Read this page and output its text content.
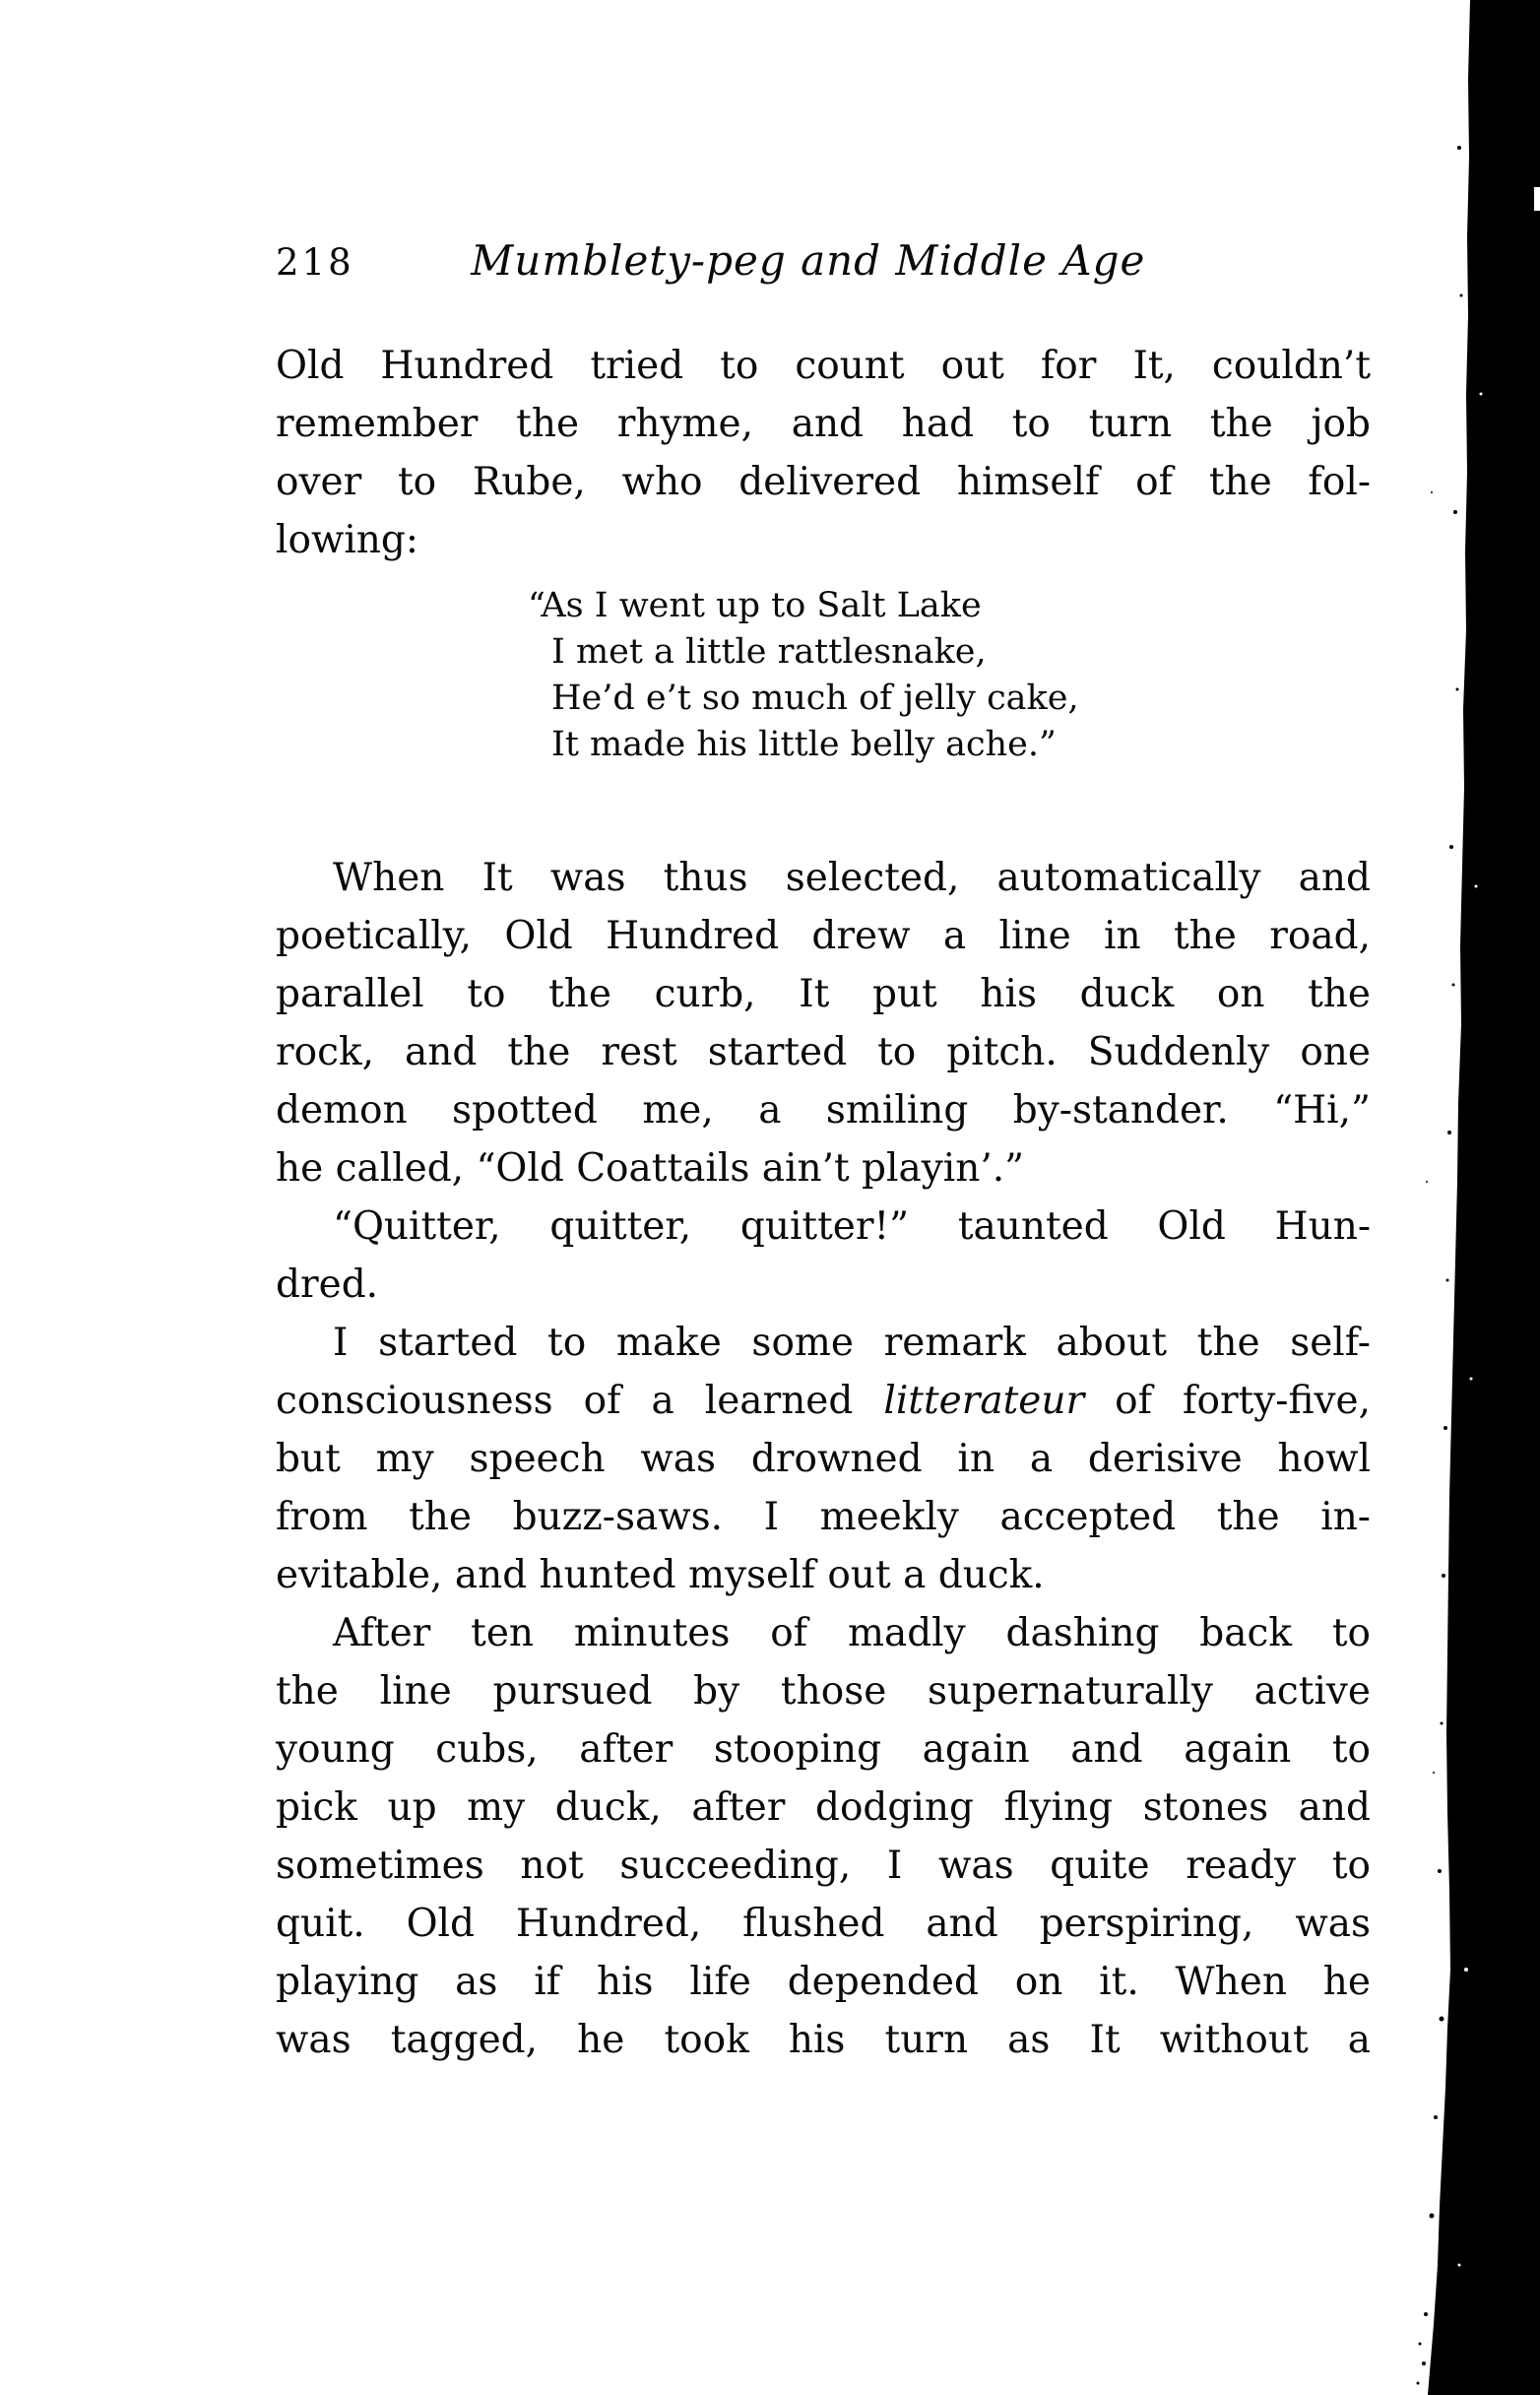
218	Mumblety-peg and Middle Age
Old Hundred tried to count out for It, couldn’t
remember the rhyme, and had to turn the job
over to Rube, who delivered himself of the fol-
lowing:
“As I went up to Salt Lake
I met a little rattlesnake,
He’d e’t so much of jelly cake,
It made his little belly ache.”
When It was thus selected, automatically and
poetically, Old Hundred drew a line in the road,
parallel to the curb, It put his duck on the
rock, and the rest started to pitch. Suddenly one
demon spotted me, a smiling by-stander. “Hi,”
he called, “Old Coattails ain’t playin’.”
“Quitter, quitter, quitter!” taunted Old Hun-
dred.
I started to make some remark about the self-
consciousness of a learned litterateur of forty-five,
but my speech was drowned in a derisive howl
from the buzz-saws. I meekly accepted the in-
evitable, and hunted myself out a duck.
After ten minutes of madly dashing back to
the line pursued by those supernaturally active
young cubs, after stooping again and again to
pick up my duck, after dodging flying stones and
sometimes not succeeding, I was quite ready to
quit. Old Hundred, flushed and perspiring, was
playing as if his life depended on it. When he
was tagged, he took his turn as It without a
